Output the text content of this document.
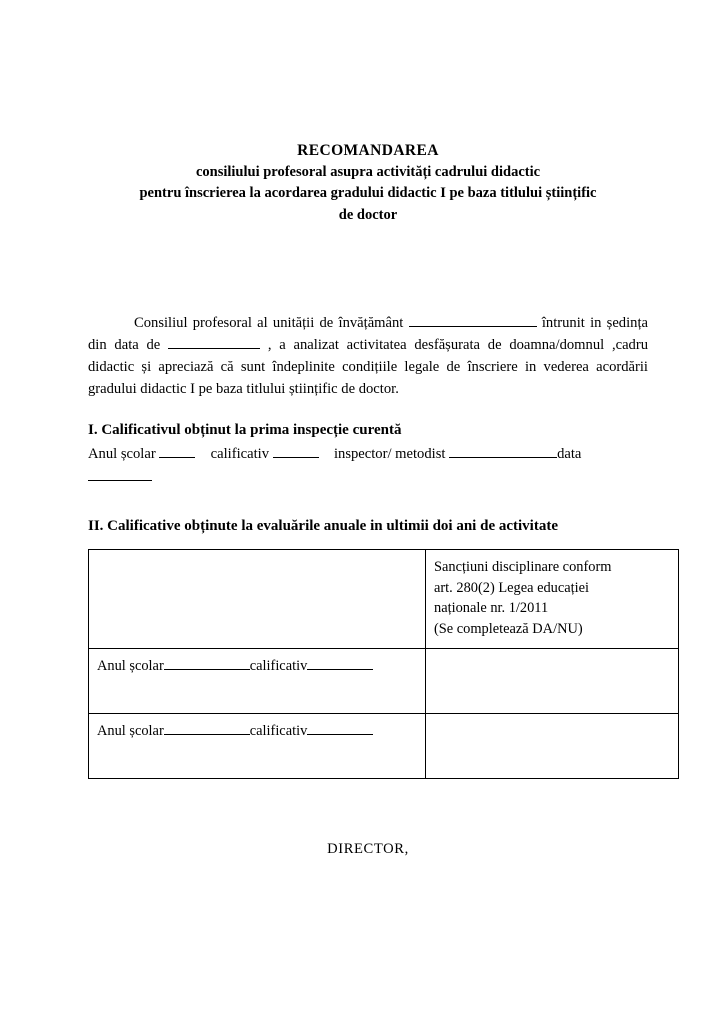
RECOMANDAREA
consiliului profesoral asupra activități cadrului didactic
pentru înscrierea la acordarea gradului didactic I pe baza titlului științific
de doctor
Consiliul profesoral al unității de învățământ	întrunit in ședința din data de	, a analizat activitatea desfășurata de doamna/domnul ,cadru didactic și apreciază că sunt îndeplinite condițiile legale de înscriere in vederea acordării gradului didactic I pe baza titlului științific de doctor.
I. Calificativul obținut la prima inspecție curentă
Anul școlar	calificativ	inspector/ metodist	data

II. Calificative obținute la evaluările anuale in ultimii doi ani de activitate

	Sancțiuni disciplinare conform
art. 280(2) Legea educației
naționale nr. 1/2011
(Se completează DA/NU)

Anul școlar calificativ	
Anul școlar calificativ	
DIRECTOR,
